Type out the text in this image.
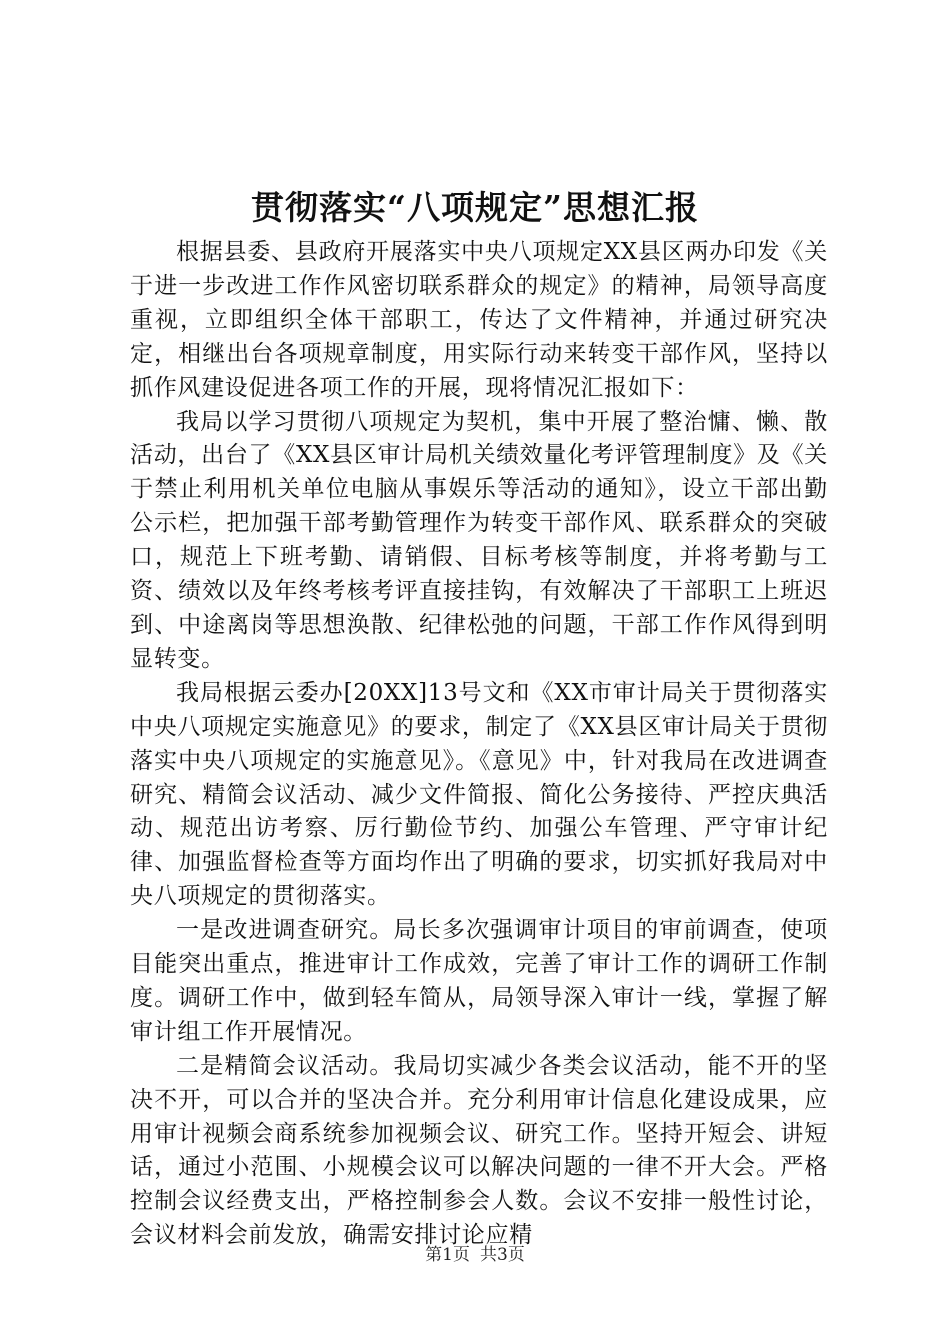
贯彻落实“八项规定”思想汇报

根据县委、县政府开展落实中央八项规定XX县区两办印发《关于进一步改进工作作风密切联系群众的规定》的精神，局领导高度重视，立即组织全体干部职工，传达了文件精神，并通过研究决定，相继出台各项规章制度，用实际行动来转变干部作风，坚持以抓作风建设促进各项工作的开展，现将情况汇报如下：

我局以学习贯彻八项规定为契机，集中开展了整治慵、懒、散活动，出台了《XX县区审计局机关绩效量化考评管理制度》及《关于禁止利用机关单位电脑从事娱乐等活动的通知》，设立干部出勤公示栏，把加强干部考勤管理作为转变干部作风、联系群众的突破口，规范上下班考勤、请销假、目标考核等制度，并将考勤与工资、绩效以及年终考核考评直接挂钩，有效解决了干部职工上班迟到、中途离岗等思想涣散、纪律松弛的问题，干部工作作风得到明显转变。

我局根据云委办[20XX]13号文和《XX市审计局关于贯彻落实中央八项规定实施意见》的要求，制定了《XX县区审计局关于贯彻落实中央八项规定的实施意见》。《意见》中，针对我局在改进调查研究、精简会议活动、减少文件简报、简化公务接待、严控庆典活动、规范出访考察、厉行勤俭节约、加强公车管理、严守审计纪律、加强监督检查等方面均作出了明确的要求，切实抓好我局对中央八项规定的贯彻落实。

一是改进调查研究。局长多次强调审计项目的审前调查，使项目能突出重点，推进审计工作成效，完善了审计工作的调研工作制度。调研工作中，做到轻车简从，局领导深入审计一线，掌握了解审计组工作开展情况。

二是精简会议活动。我局切实减少各类会议活动，能不开的坚决不开，可以合并的坚决合并。充分利用审计信息化建设成果，应用审计视频会商系统参加视频会议、研究工作。坚持开短会、讲短话，通过小范围、小规模会议可以解决问题的一律不开大会。严格控制会议经费支出，严格控制参会人数。会议不安排一般性讨论，会议材料会前发放，确需安排讨论应精

第1页 共3页
